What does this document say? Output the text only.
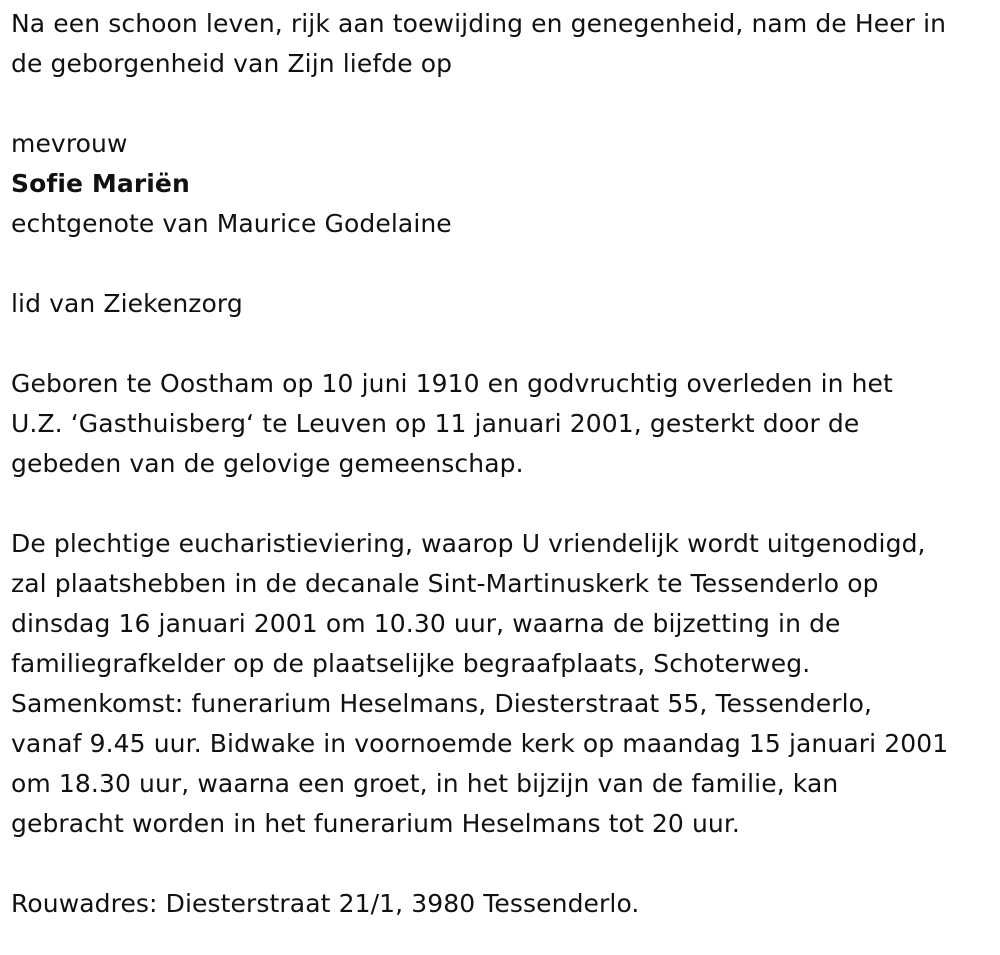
Na een schoon leven, rijk aan toewijding en genegenheid, nam de Heer in

de geborgenheid van Zijn liefde op

mevrouw

Sofie Mariën

echtgenote van Maurice Godelaine

lid van Ziekenzorg

Geboren te Oostham op 10 juni 1910 en godvruchtig overleden in het

U.Z. ‘Gasthuisberg‘ te Leuven op 11 januari 2001, gesterkt door de

gebeden van de gelovige gemeenschap.

De plechtige eucharistieviering, waarop U vriendelijk wordt uitgenodigd,

zal plaatshebben in de decanale Sint-Martinuskerk te Tessenderlo op

dinsdag 16 januari 2001 om 10.30 uur, waarna de bijzetting in de

familiegrafkelder op de plaatselijke begraafplaats, Schoterweg.

Samenkomst: funerarium Heselmans, Diesterstraat 55, Tessenderlo,

vanaf 9.45 uur. Bidwake in voornoemde kerk op maandag 15 januari 2001

om 18.30 uur, waarna een groet, in het bijzijn van de familie, kan

gebracht worden in het funerarium Heselmans tot 20 uur.

Rouwadres: Diesterstraat 21/1, 3980 Tessenderlo.
